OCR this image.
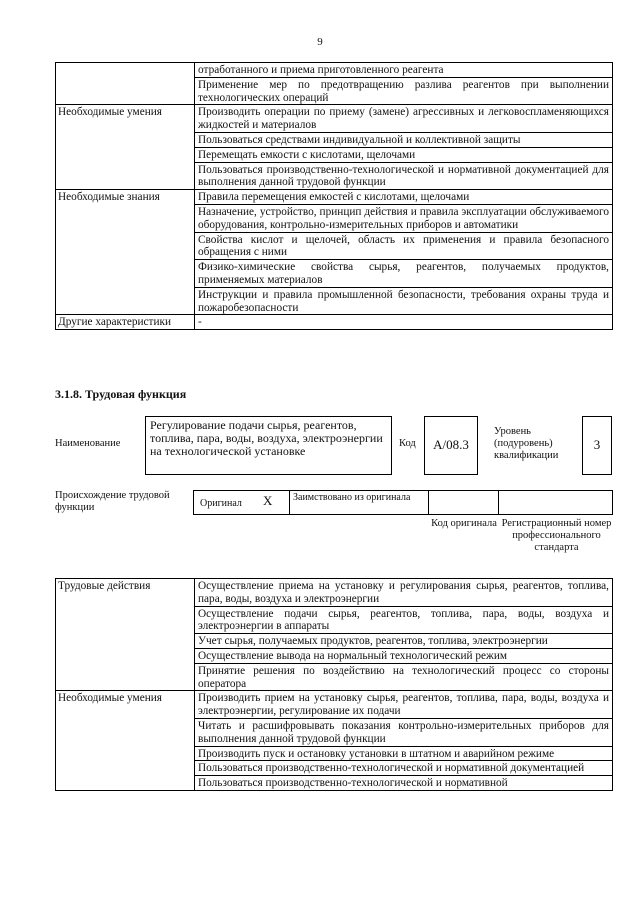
9
	отработанного и приема приготовленного реагента
	Применение мер по предотвращению разлива реагентов при выполнении технологических операций
Необходимые умения	Производить операции по приему (замене) агрессивных и легковоспламеняющихся жидкостей и материалов
	Пользоваться средствами индивидуальной и коллективной защиты
	Перемещать емкости с кислотами, щелочами
	Пользоваться производственно-технологической и нормативной документацией для выполнения данной трудовой функции
Необходимые знания	Правила перемещения емкостей с кислотами, щелочами
	Назначение, устройство, принцип действия и правила эксплуатации обслуживаемого оборудования, контрольно-измерительных приборов и автоматики
	Свойства кислот и щелочей, область их применения и правила безопасного обращения с ними
	Физико-химические свойства сырья, реагентов, получаемых продуктов, применяемых материалов
	Инструкции и правила промышленной безопасности, требования охраны труда и пожаробезопасности
Другие характеристики	-
3.1.8. Трудовая функция
Наименование
Регулирование подачи сырья, реагентов, топлива, пара, воды, воздуха, электроэнергии на технологической установке
Код	А/08.3
Уровень (подуровень) квалификации
3
Происхождение трудовой функции	Оригинал X Заимствовано из оригинала
Код оригинала Регистрационный номер профессионального стандарта
Трудовые действия	Осуществление приема на установку и регулирования сырья, реагентов, топлива, пара, воды, воздуха и электроэнергии
	Осуществление подачи сырья, реагентов, топлива, пара, воды, воздуха и электроэнергии в аппараты
	Учет сырья, получаемых продуктов, реагентов, топлива, электроэнергии
	Осуществление вывода на нормальный технологический режим
	Принятие решения по воздействию на технологический процесс со стороны оператора
Необходимые умения	Производить прием на установку сырья, реагентов, топлива, пара, воды, воздуха и электроэнергии, регулирование их подачи
	Читать и расшифровывать показания контрольно-измерительных приборов для выполнения данной трудовой функции
	Производить пуск и остановку установки в штатном и аварийном режиме
	Пользоваться производственно-технологической и нормативной документацией
	Пользоваться производственно-технологической и нормативной
